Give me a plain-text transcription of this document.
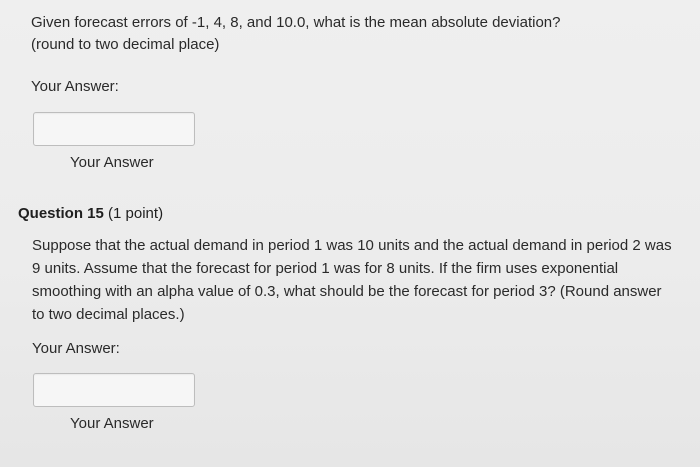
Given forecast errors of -1, 4, 8, and 10.0, what is the mean absolute deviation?
(round to two decimal place)
Your Answer:
Your Answer
Question 15 (1 point)
Suppose that the actual demand in period 1 was 10 units and the actual demand in period 2 was 9 units. Assume that the forecast for period 1 was for 8 units. If the firm uses exponential smoothing with an alpha value of 0.3, what should be the forecast for period 3? (Round answer to two decimal places.)
Your Answer:
Your Answer
